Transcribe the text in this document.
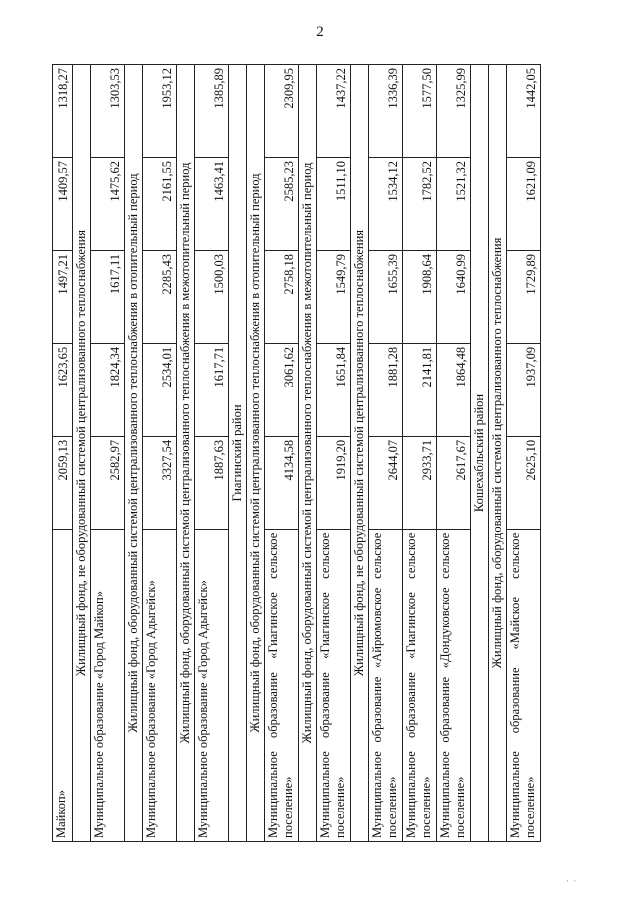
2
Майкоп»	2059,13	1623,65	1497,21	1409,57	1318,27
Жилищный фонд, не оборудованный системой централизованного теплоснабжения					
Муниципальное образование «Город Майкоп»	2582,97	1824,34	1617,11	1475,62	1303,53
Жилищный фонд, оборудованный системой централизованного теплоснабжения в отопительный период					
Муниципальное образование «Город Адыгейск»	3327,54	2534,01	2285,43	2161,55	1953,12
Жилищный фонд, оборудованный системой централизованного теплоснабжения в межотопительный период					
Муниципальное образование «Город Адыгейск»	1887,63	1617,71	1500,03	1463,41	1385,89
Гиагинский район					
Жилищный фонд, оборудованный системой централизованного теплоснабжения в отопительный период					
Муниципальное образование «Гиагинское сельское поселение»	4134,58	3061,62	2758,18	2585,23	2309,95
Жилищный фонд, оборудованный системой централизованного теплоснабжения в межотопительный период					
Муниципальное образование «Гиагинское сельское поселение»	1919,20	1651,84	1549,79	1511,10	1437,22
Жилищный фонд, не оборудованный системой централизованного теплоснабжения					
Муниципальное образование «Айрюмовское сельское поселение»	2644,07	1881,28	1655,39	1534,12	1336,39
Муниципальное образование «Гиагинское сельское поселение»	2933,71	2141,81	1908,64	1782,52	1577,50
Муниципальное образование «Дондуковское сельское поселение»	2617,67	1864,48	1640,99	1521,32	1325,99
Кошехабльский район					
Жилищный фонд, оборудованный системой централизованного теплоснабжения					
Муниципальное образование «Майское сельское поселение»	2625,10	1937,09	1729,89	1621,09	1442,05
· ·
